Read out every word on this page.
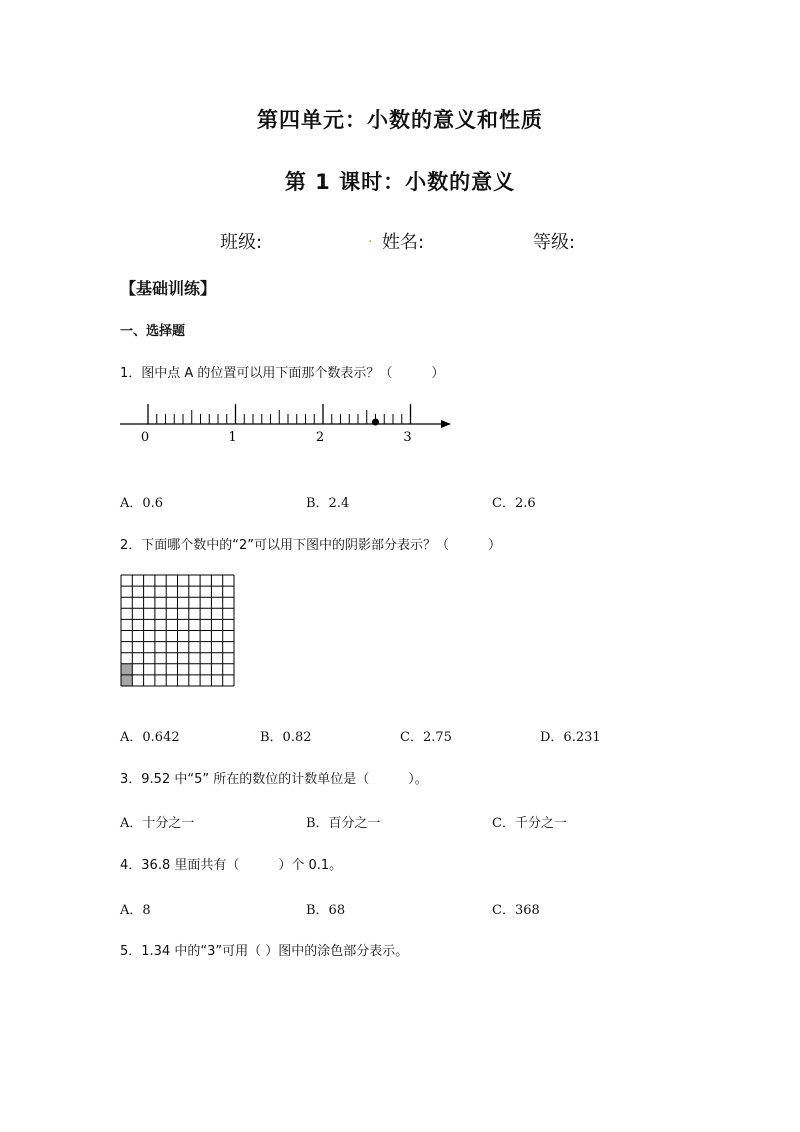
第四单元：小数的意义和性质
第 1 课时：小数的意义
班级:	. 姓名:	等级:
【基础训练】
一、选择题
1．图中点 A 的位置可以用下面那个数表示？（　　　）
0	1	2	3
A．0.6	B．2.4	C．2.6
2．下面哪个数中的“2”可以用下图中的阴影部分表示？（　　　）
A．0.642	B．0.82	C．2.75	D．6.231
3．9.52 中“5” 所在的数位的计数单位是（　　　）。
A．十分之一	B．百分之一	C．千分之一
4．36.8 里面共有（　　　）个 0.1。
A．8	B．68	C．368
5．1.34 中的“3”可用（ ）图中的涂色部分表示。
